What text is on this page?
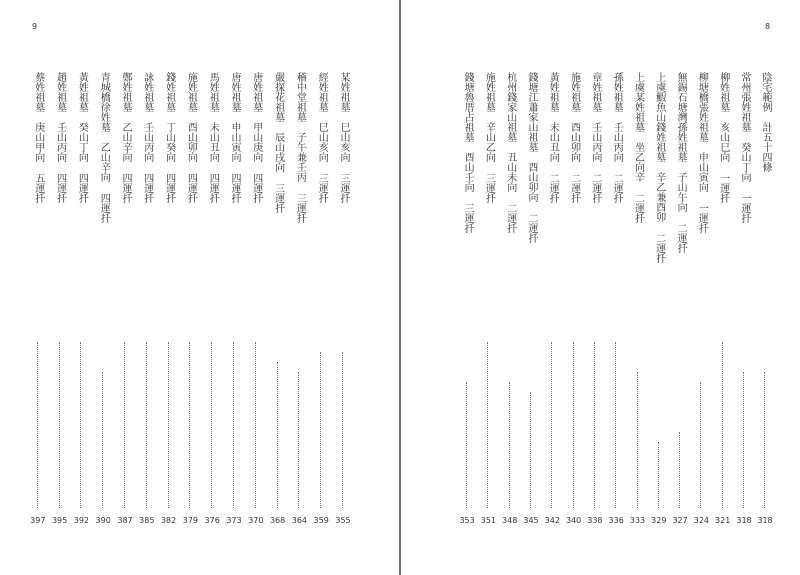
9
某姓祖墓　巳山亥向 三運扦
355
經姓祖墓　巳山亥向 三運扦
359
稽中堂祖墓　子午兼壬丙 三運扦
364
嚴探花祖墓　辰山戌向 三運扦
368
唐姓祖墓　甲山庚向 四運扦
370
唐姓祖墓　申山寅向 四運扦
373
馬姓祖墓　未山丑向 四運扦
376
施姓祖墓　酉山卯向 四運扦
379
錢姓祖墓　丁山癸向 四運扦
382
詠姓祖墓　壬山丙向 四運扦
385
鄭姓祖墓　乙山辛向 四運扦
387
青城橋徐姓墓　乙山辛向 四運扦
390
黃姓祖墓　癸山丁向 四運扦
392
趙姓祖墓　壬山丙向 四運扦
395
蔡姓祖墓　庚山甲向 五運扦
397
8
陰宅範例　計五十四條
318
常州張姓祖墓　癸山丁向 一運扦
318
柳姓祖墓　亥山巳向 一運扦
321
柳塘橋張姓祖墓　申山寅向 一運扦
324
無錫石塘灣孫姓祖墓　子山午向 二運扦
327
上虞鰕魚山錢姓祖墓　辛乙兼酉卯 二運扦
329
上虞某姓祖墓　坐乙向辛 二運扦
333
孫姓祖墓　壬山丙向 二運扦
336
章姓祖墓　壬山丙向 二運扦
338
施姓祖墓　酉山卯向 二運扦
340
黃姓祖墓　未山丑向 二運扦
342
錢塘江蕭家山祖墓　酉山卯向 二運扦
345
杭州錢家山祖墓　丑山未向 二運扦
348
施姓祖墓　辛山乙向 三運扦
351
錢塘魯厝占祖墓　酉山壬向 三運扦
353
